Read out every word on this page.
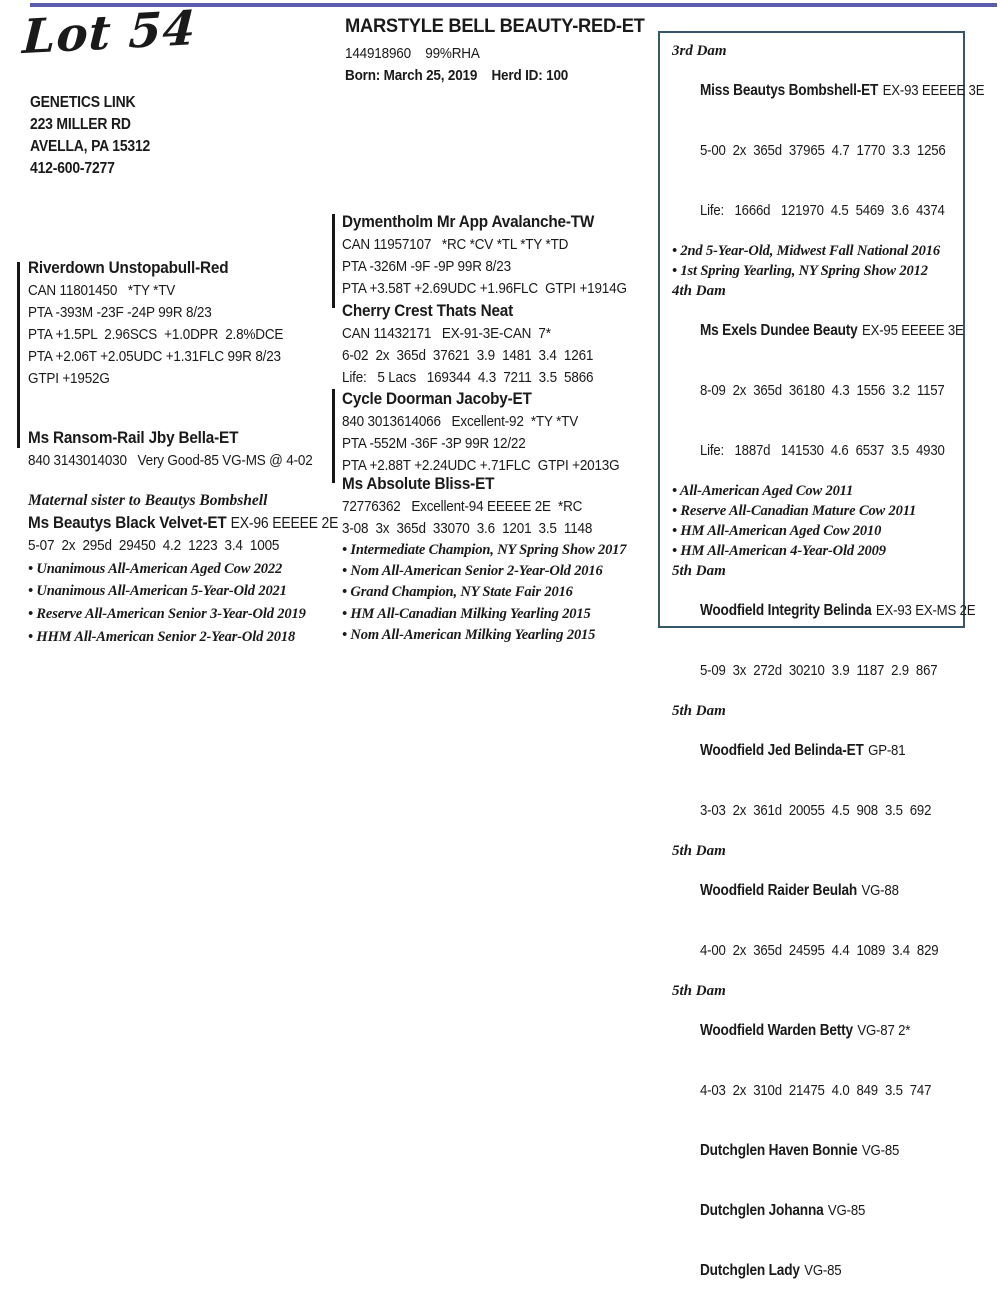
Lot 54
GENETICS LINK
223 MILLER RD
AVELLA, PA 15312
412-600-7277
MARSTYLE BELL BEAUTY-RED-ET
144918960    99%RHA
Born: March 25, 2019    Herd ID: 100
Riverdown Unstopabull-Red
CAN 11801450   *TY *TV
PTA -393M -23F -24P 99R 8/23
PTA +1.5PL  2.96SCS  +1.0DPR  2.8%DCE
PTA +2.06T +2.05UDC +1.31FLC 99R 8/23
GTPI +1952G
Ms Ransom-Rail Jby Bella-ET
840 3143014030   Very Good-85 VG-MS @ 4-02
Maternal sister to Beautys Bombshell
Ms Beautys Black Velvet-ET EX-96 EEEEE 2E
5-07  2x  295d  29450  4.2  1223  3.4  1005
• Unanimous All-American Aged Cow 2022
• Unanimous All-American 5-Year-Old 2021
• Reserve All-American Senior 3-Year-Old 2019
• HHM All-American Senior 2-Year-Old 2018
Dymentholm Mr App Avalanche-TW
CAN 11957107   *RC *CV *TL *TY *TD
PTA -326M -9F -9P 99R 8/23
PTA +3.58T +2.69UDC +1.96FLC  GTPI +1914G
Cherry Crest Thats Neat
CAN 11432171   EX-91-3E-CAN  7*
6-02  2x  365d  37621  3.9  1481  3.4  1261
Life:   5 Lacs   169344  4.3  7211  3.5  5866
Cycle Doorman Jacoby-ET
840 3013614066   Excellent-92  *TY *TV
PTA -552M -36F -3P 99R 12/22
PTA +2.88T +2.24UDC +.71FLC  GTPI +2013G
Ms Absolute Bliss-ET
72776362   Excellent-94 EEEEE 2E  *RC
3-08  3x  365d  33070  3.6  1201  3.5  1148
• Intermediate Champion, NY Spring Show 2017
• Nom All-American Senior 2-Year-Old 2016
• Grand Champion, NY State Fair 2016
• HM All-Canadian Milking Yearling 2015
• Nom All-American Milking Yearling 2015
3rd Dam

Miss Beautys Bombshell-ET EX-93 EEEEE 3E

5-00  2x  365d  37965  4.7  1770  3.3  1256

Life:   1666d   121970  4.5  5469  3.6  4374

• 2nd 5-Year-Old, Midwest Fall National 2016
• 1st Spring Yearling, NY Spring Show 2012
4th Dam

Ms Exels Dundee Beauty EX-95 EEEEE 3E

8-09  2x  365d  36180  4.3  1556  3.2  1157

Life:   1887d   141530  4.6  6537  3.5  4930

• All-American Aged Cow 2011
• Reserve All-Canadian Mature Cow 2011
• HM All-American Aged Cow 2010
• HM All-American 4-Year-Old 2009
5th Dam

Woodfield Integrity Belinda EX-93 EX-MS 2E

5-09  3x  272d  30210  3.9  1187  2.9  867

5th Dam

Woodfield Jed Belinda-ET GP-81

3-03  2x  361d  20055  4.5  908  3.5  692

5th Dam

Woodfield Raider Beulah VG-88

4-00  2x  365d  24595  4.4  1089  3.4  829

5th Dam

Woodfield Warden Betty VG-87 2*

4-03  2x  310d  21475  4.0  849  3.5  747

Dutchglen Haven Bonnie VG-85

Dutchglen Johanna VG-85

Dutchglen Lady VG-85
